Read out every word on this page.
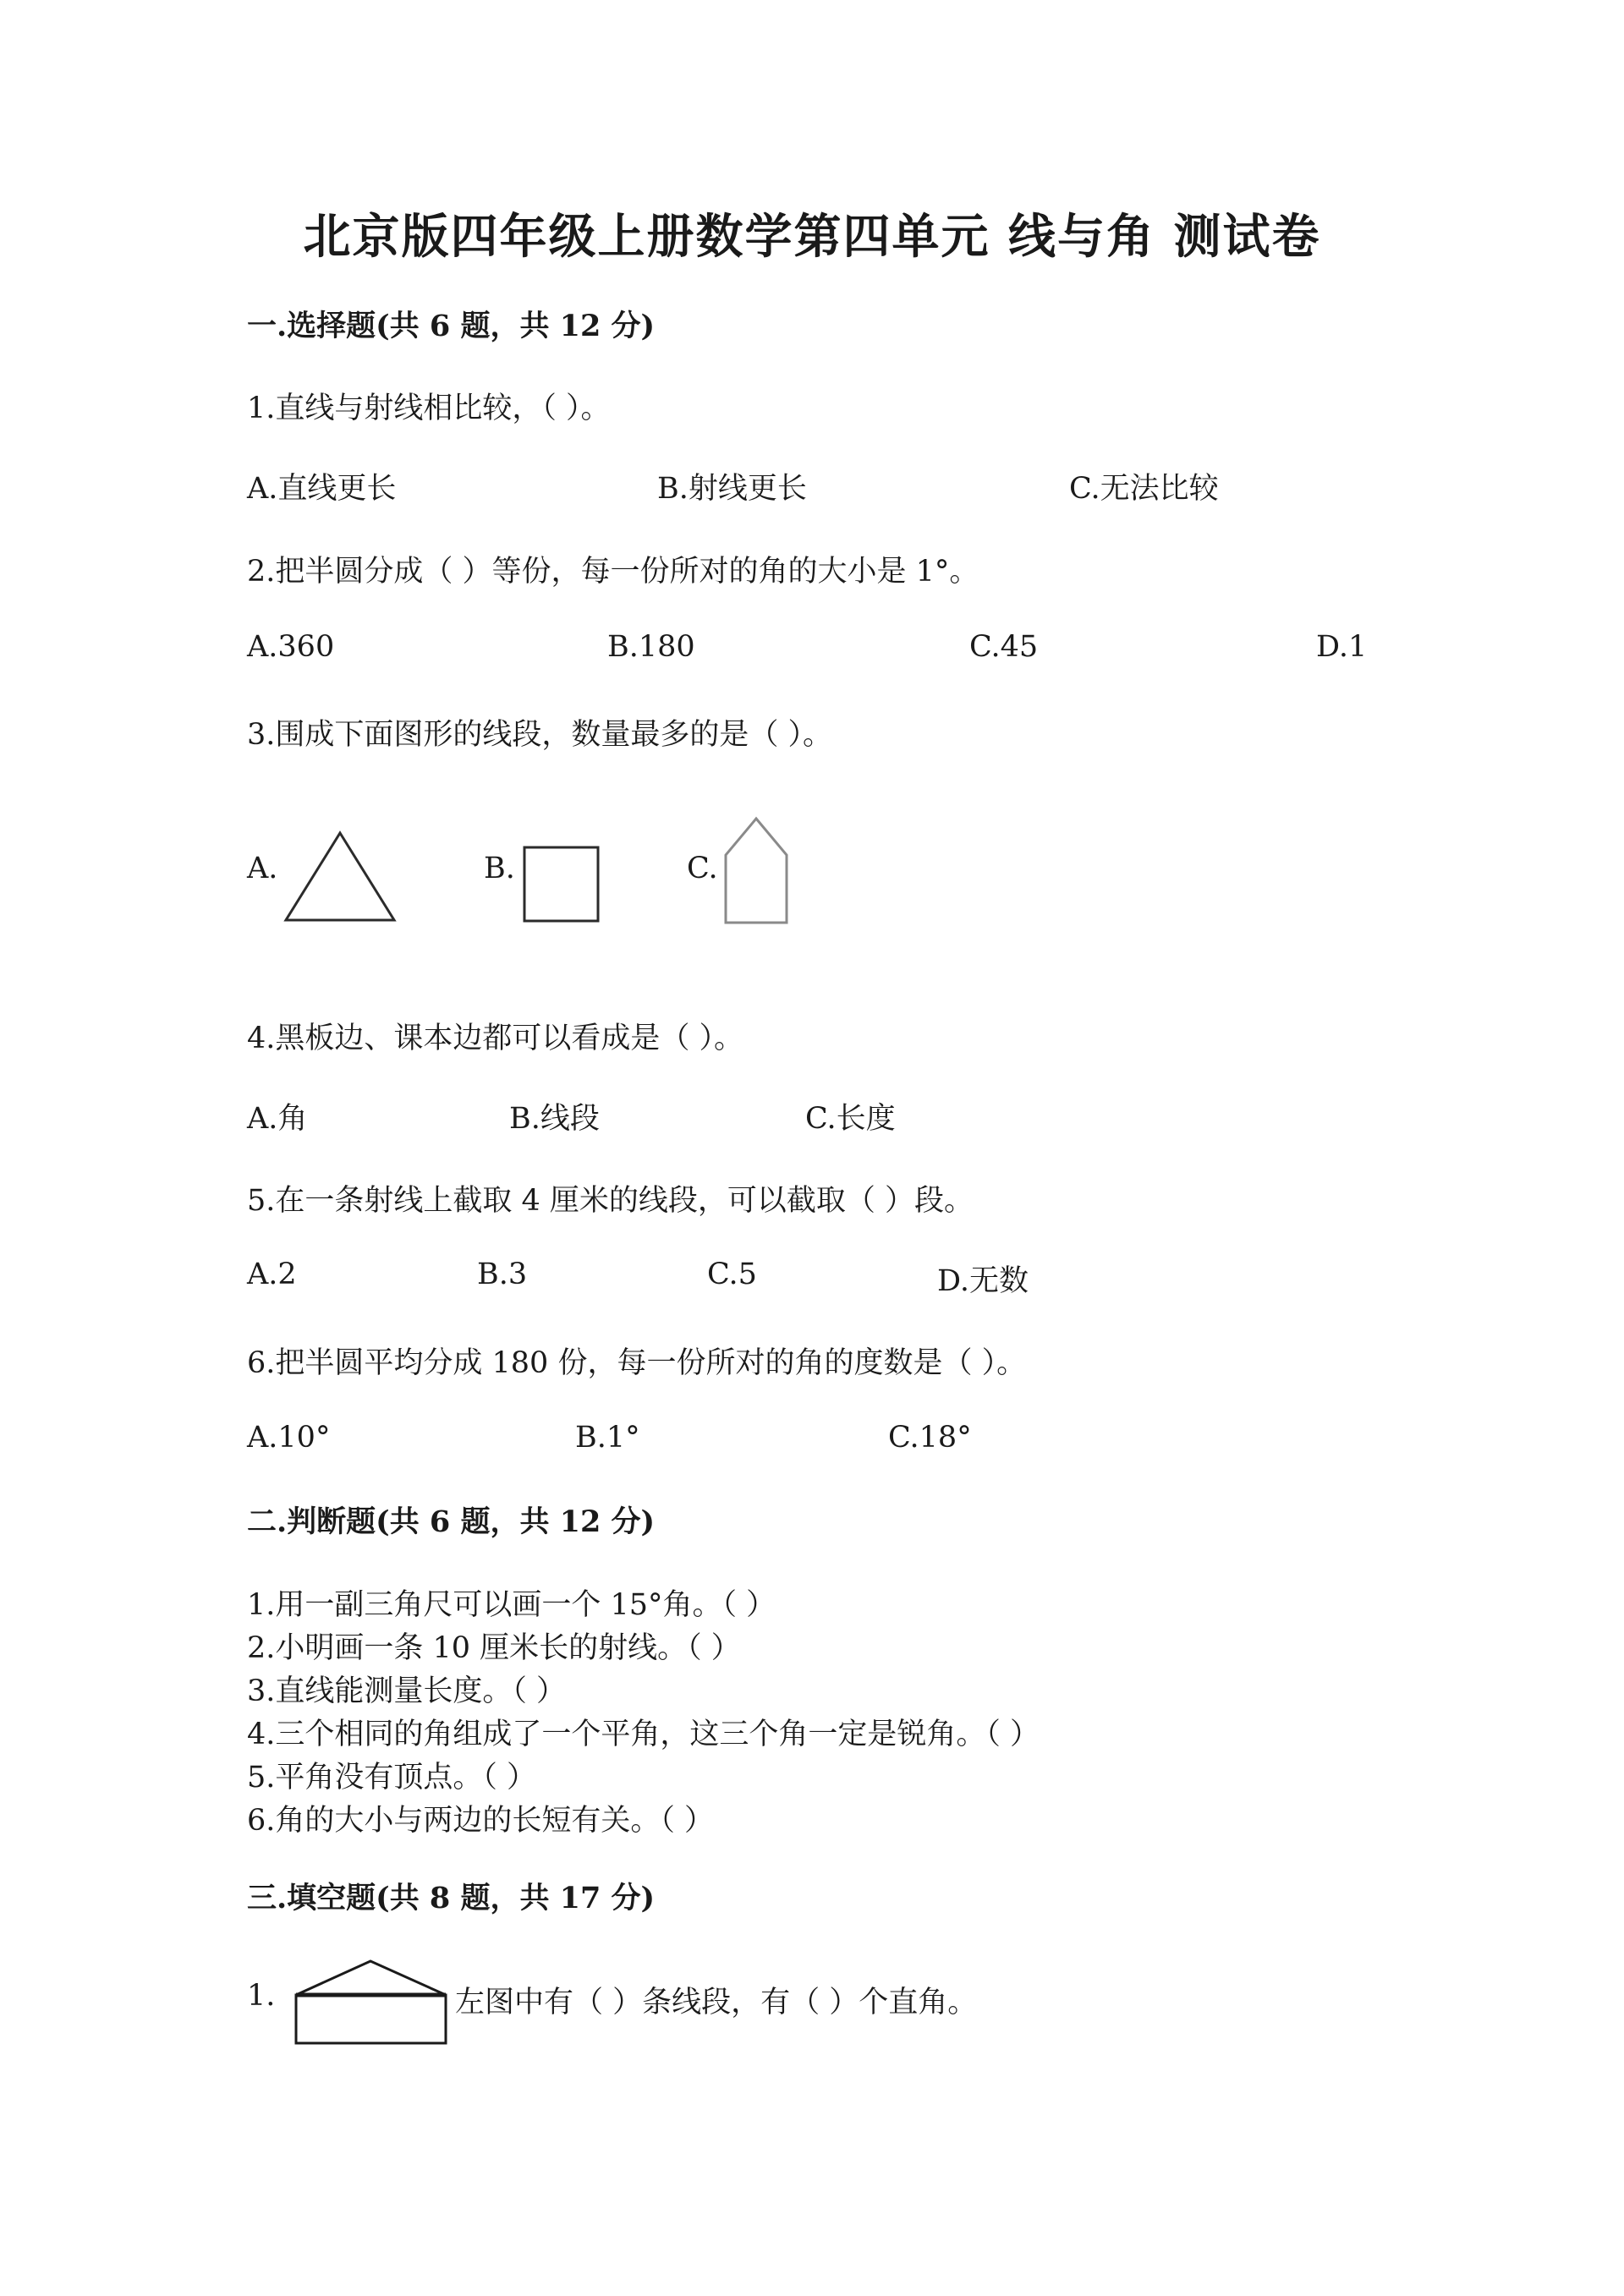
北京版四年级上册数学第四单元 线与角 测试卷
一.选择题(共 6 题，共 12 分)
1.直线与射线相比较，（ ）。
A.直线更长	B.射线更长	C.无法比较
2.把半圆分成（ ）等份，每一份所对的角的大小是 1°。
A.360	B.180	C.45	D.1
3.围成下面图形的线段，数量最多的是（ ）。
A.	B.	C.
4.黑板边、课本边都可以看成是（ ）。
A.角	B.线段	C.长度
5.在一条射线上截取 4 厘米的线段，可以截取（ ）段。
A.2	B.3	C.5	D.无数
6.把半圆平均分成 180 份，每一份所对的角的度数是（ ）。
A.10°	B.1°	C.18°
二.判断题(共 6 题，共 12 分)
1.用一副三角尺可以画一个 15°角。（ ）
2.小明画一条 10 厘米长的射线。（ ）
3.直线能测量长度。（ ）
4.三个相同的角组成了一个平角，这三个角一定是锐角。（ ）
5.平角没有顶点。（ ）
6.角的大小与两边的长短有关。（ ）
三.填空题(共 8 题，共 17 分)
1.	左图中有（ ）条线段，有（ ）个直角。
